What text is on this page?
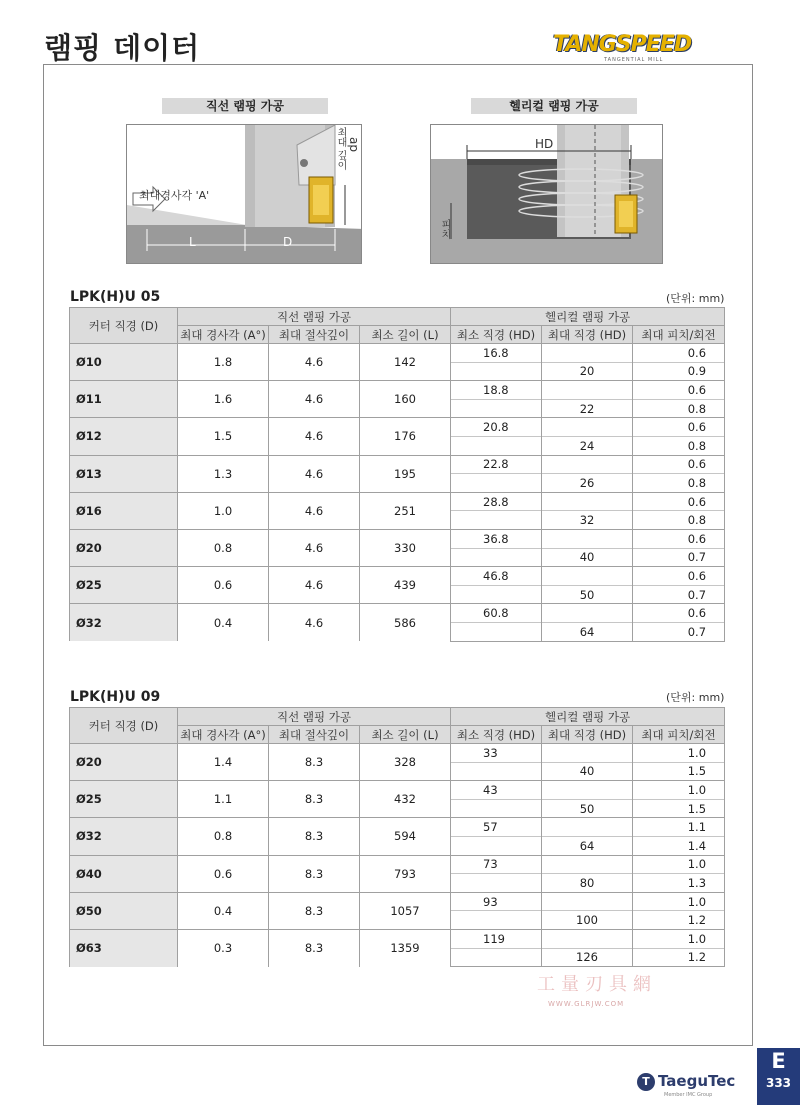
램핑 데이터	TANGSPEED
TANGENTIAL MILL
직선 램핑 가공
최대경사각 'A'
최대 깊이 ap
L	D
헬리컬 램핑 가공
HD
피치
LPK(H)U 05	(단위: mm)
커터 직경 (D)	직선 램핑 가공			헬리컬 램핑 가공		
	최대 경사각 (A°)	최대 절삭깊이	최소 길이 (L)	최소 직경 (HD)	최대 직경 (HD)	최대 피치/회전
Ø10	1.8	4.6	142	16.8		0.6
					20	0.9
Ø11	1.6	4.6	160	18.8		0.6
					22	0.8
Ø12	1.5	4.6	176	20.8		0.6
					24	0.8
Ø13	1.3	4.6	195	22.8		0.6
					26	0.8
Ø16	1.0	4.6	251	28.8		0.6
					32	0.8
Ø20	0.8	4.6	330	36.8		0.6
					40	0.7
Ø25	0.6	4.6	439	46.8		0.6
					50	0.7
Ø32	0.4	4.6	586	60.8		0.6
					64	0.7
LPK(H)U 09	(단위: mm)
커터 직경 (D)	직선 램핑 가공			헬리컬 램핑 가공		
	최대 경사각 (A°)	최대 절삭깊이	최소 길이 (L)	최소 직경 (HD)	최대 직경 (HD)	최대 피치/회전
Ø20	1.4	8.3	328	33		1.0
					40	1.5
Ø25	1.1	8.3	432	43		1.0
					50	1.5
Ø32	0.8	8.3	594	57		1.1
					64	1.4
Ø40	0.6	8.3	793	73		1.0
					80	1.3
Ø50	0.4	8.3	1057	93		1.0
					100	1.2
Ø63	0.3	8.3	1359	119		1.0
					126	1.2
工量刃具網
WWW.GLRJW.COM
T TaeguTec
Member IMC Group
E
333
